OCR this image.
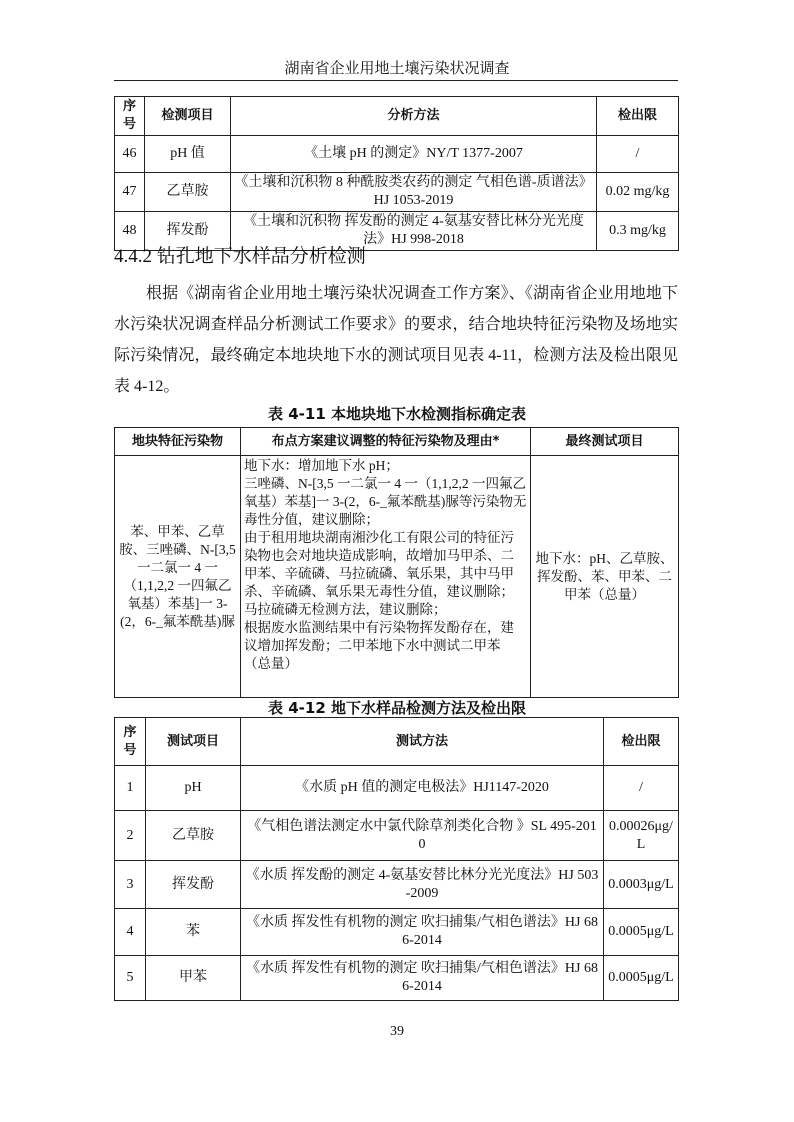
湖南省企业用地土壤污染状况调查
序号	检测项目	分析方法	检出限
46	pH 值	《土壤 pH 的测定》NY/T 1377-2007	/
47	乙草胺	《土壤和沉积物 8 种酰胺类农药的测定 气相色谱-质谱法》HJ 1053-2019	0.02 mg/kg
48	挥发酚	《土壤和沉积物 挥发酚的测定 4-氨基安替比林分光光度法》HJ 998-2018	0.3 mg/kg
4.4.2 钻孔地下水样品分析检测
根据《湖南省企业用地土壤污染状况调查工作方案》、《湖南省企业用地地下水污染状况调查样品分析测试工作要求》的要求，结合地块特征污染物及场地实际污染情况，最终确定本地块地下水的测试项目见表 4-11，检测方法及检出限见表 4-12。
表 4-11 本地块地下水检测指标确定表
地块特征污染物	布点方案建议调整的特征污染物及理由*	最终测试项目
苯、甲苯、乙草胺、三唑磷、N-[3,5 一二氯一 4 一（1,1,2,2 一四氟乙氧基）苯基]一 3-(2，6-_氟苯酰基)脲	地下水：增加地下水 pH；
三唑磷、N-[3,5 一二氯一 4 一（1,1,2,2 一四氟乙氧基）苯基]一 3-(2，6-_氟苯酰基)脲等污染物无毒性分值，建议删除；
由于租用地块湖南湘沙化工有限公司的特征污染物也会对地块造成影响，故增加马甲杀、二甲苯、辛硫磷、马拉硫磷、氧乐果，其中马甲杀、辛硫磷、氧乐果无毒性分值，建议删除；马拉硫磷无检测方法，建议删除；
根据废水监测结果中有污染物挥发酚存在，建议增加挥发酚；二甲苯地下水中测试二甲苯（总量）	地下水：pH、乙草胺、挥发酚、苯、甲苯、二甲苯（总量）
表 4-12 地下水样品检测方法及检出限
序号	测试项目	测试方法	检出限
1	pH	《水质 pH 值的测定电极法》HJ1147-2020	/
2	乙草胺	《气相色谱法测定水中氯代除草剂类化合物 》SL 495-2010	0.00026μg/L
3	挥发酚	《水质 挥发酚的测定 4-氨基安替比林分光光度法》HJ 503-2009	0.0003μg/L
4	苯	《水质 挥发性有机物的测定 吹扫捕集/气相色谱法》HJ 686-2014	0.0005μg/L
5	甲苯	《水质 挥发性有机物的测定 吹扫捕集/气相色谱法》HJ 686-2014	0.0005μg/L
39
